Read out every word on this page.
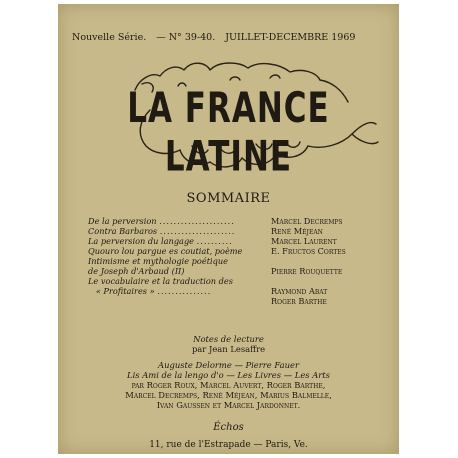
Nouvelle Série. — N° 39-40. JUILLET-DECEMBRE 1969
LA FRANCE LATINE
SOMMAIRE
De la perversion .....................	Marcel Decremps
Contra Barbaros .....................	René Méjean
La perversion du langage ..........	Marcel Laurent
Quouro lou pargue es coutiat, poème	E. Fructos Cortes
Intimisme et mythologie poétique
de Joseph d'Arbaud (II)	Pierre Rouquette
Le vocabulaire et la traduction des
« Profitaires » ...............	Raymond Abat
Roger Barthe
Notes de lecture
par Jean Lesaffre
Auguste Delorme — Pierre Fauer
Lis Ami de la lengo d'o — Les Livres — Les Arts
par Roger Roux, Marcel Auvert, Roger Barthe,
Marcel Decremps, René Méjean, Marius Balmelle,
Ivan Gaussen et Marcel Jardonnet.
Échos
11, rue de l'Estrapade — Paris, Ve.
